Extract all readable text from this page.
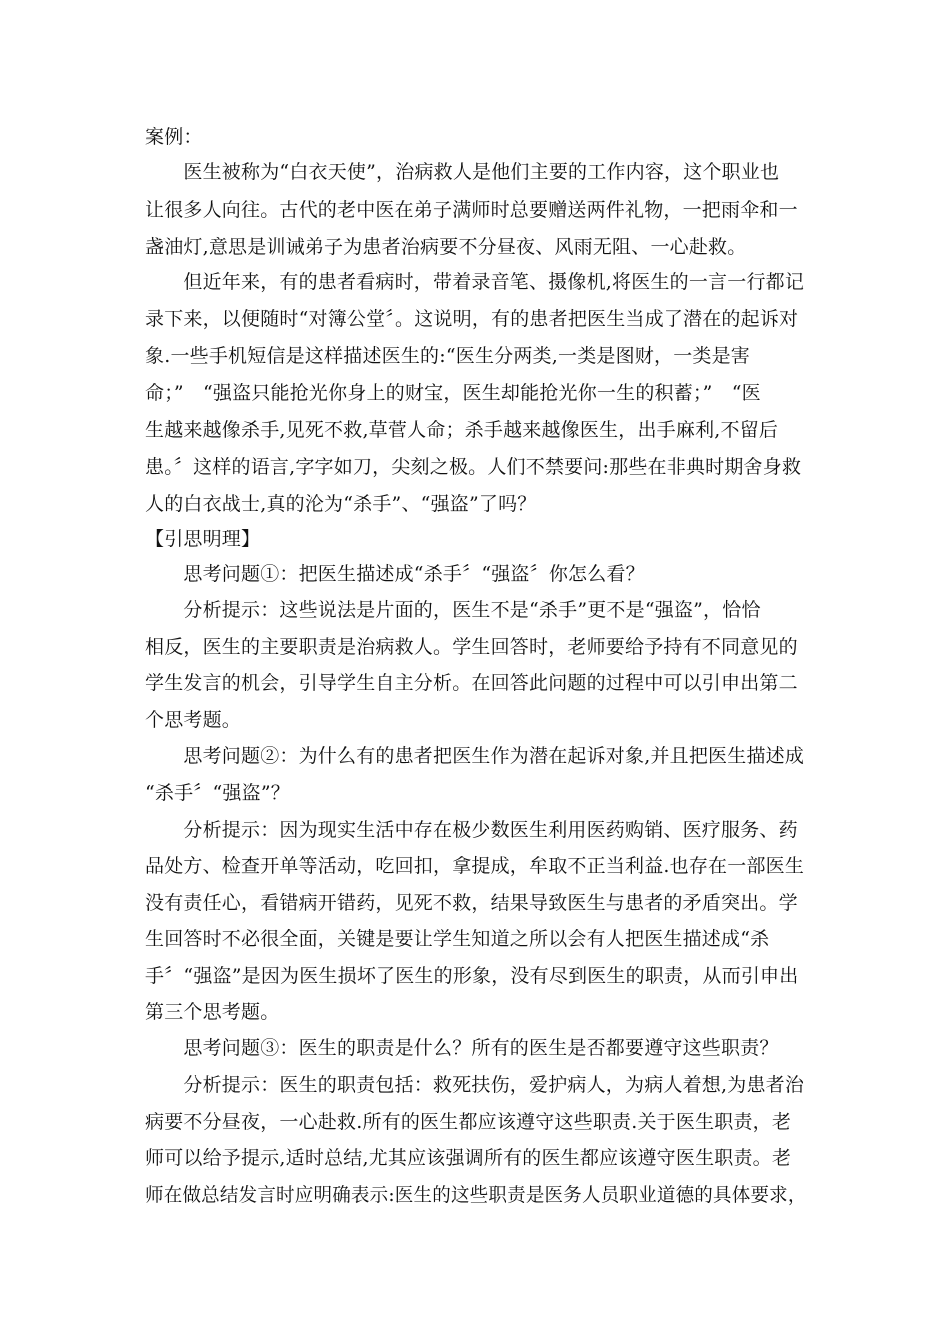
案例：
　　医生被称为“白衣天使”，治病救人是他们主要的工作内容，这个职业也
让很多人向往。古代的老中医在弟子满师时总要赠送两件礼物，一把雨伞和一
盏油灯,意思是训诫弟子为患者治病要不分昼夜、风雨无阻、一心赴救。
　　但近年来，有的患者看病时，带着录音笔、摄像机,将医生的一言一行都记
录下来，以便随时“对簿公堂〞。这说明，有的患者把医生当成了潜在的起诉对
象.一些手机短信是这样描述医生的:“医生分两类,一类是图财，一类是害
命；”　“强盗只能抢光你身上的财宝，医生却能抢光你一生的积蓄；”　“医
生越来越像杀手,见死不救,草菅人命；杀手越来越像医生，出手麻利,不留后
患。〞这样的语言,字字如刀，尖刻之极。人们不禁要问:那些在非典时期舍身救
人的白衣战士,真的沦为“杀手”、“强盗”了吗？
【引思明理】
　　思考问题①：把医生描述成“杀手〞“强盗〞你怎么看？
　　分析提示：这些说法是片面的，医生不是“杀手”更不是“强盗”，恰恰
相反，医生的主要职责是治病救人。学生回答时，老师要给予持有不同意见的
学生发言的机会，引导学生自主分析。在回答此问题的过程中可以引申出第二
个思考题。
　　思考问题②：为什么有的患者把医生作为潜在起诉对象,并且把医生描述成
“杀手〞“强盗”？
　　分析提示：因为现实生活中存在极少数医生利用医药购销、医疗服务、药
品处方、检查开单等活动，吃回扣，拿提成，牟取不正当利益.也存在一部医生
没有责任心，看错病开错药，见死不救，结果导致医生与患者的矛盾突出。学
生回答时不必很全面，关键是要让学生知道之所以会有人把医生描述成“杀
手〞“强盗”是因为医生损坏了医生的形象，没有尽到医生的职责，从而引申出
第三个思考题。
　　思考问题③：医生的职责是什么？所有的医生是否都要遵守这些职责？
　　分析提示：医生的职责包括：救死扶伤，爱护病人，为病人着想,为患者治
病要不分昼夜，一心赴救.所有的医生都应该遵守这些职责.关于医生职责，老
师可以给予提示,适时总结,尤其应该强调所有的医生都应该遵守医生职责。老
师在做总结发言时应明确表示:医生的这些职责是医务人员职业道德的具体要求，
